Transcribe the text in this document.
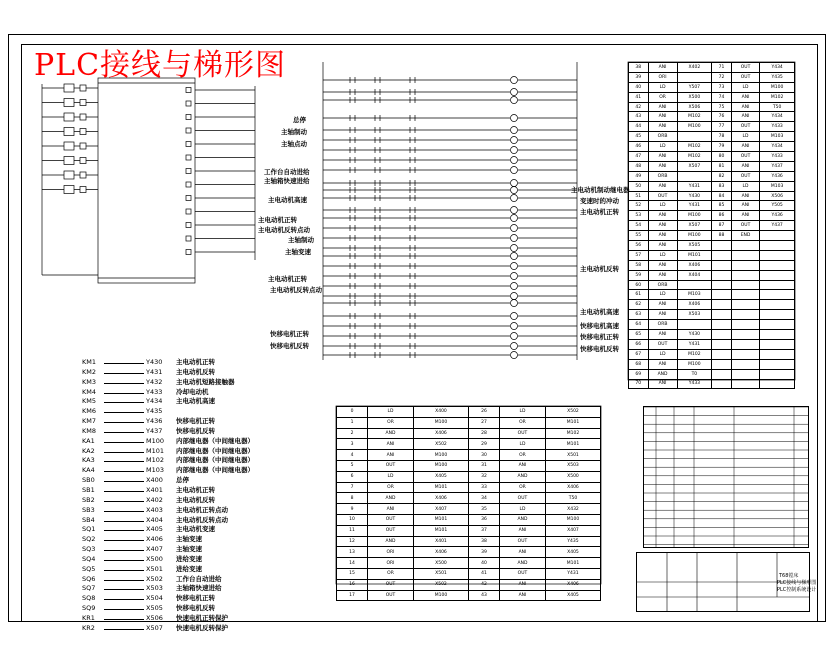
PLC接线与梯形图
总停
主轴制动
主轴点动
工作台自动进给
主轴箱快速进给
主电动机高速
主电动机正转
主电动机反转点动
主轴制动
主轴变速
主电动机正转
主电动机反转点动
快移电机正转
快移电机反转
主电动机制动继电器
变速时的冲动
主电动机正转
主电动机反转
主电动机高速
快移电机高速
快移电机正转
快移电机反转
KM1	Y430 主电动机正转
KM2	Y431 主电动机反转
KM3	Y432 主电动机短路接触器
KM4	Y433 冷却电动机
KM5	Y434 主电动机高速
KM6	Y435
KM7	Y436 快移电机正转
KM8	Y437 快移电机反转
KA1	M100 内部继电器（中间继电器）
KA2	M101 内部继电器（中间继电器）
KA3	M102 内部继电器（中间继电器）
KA4	M103 内部继电器（中间继电器）
SB0	X400 总停
SB1	X401 主电动机正转
SB2	X402 主电动机反转
SB3	X403 主电动机正转点动
SB4	X404 主电动机反转点动
SQ1	X405 主电动机变速
SQ2	X406 主轴变速
SQ3	X407 主轴变速
SQ4	X500 进给变速
SQ5	X501 进给变速
SQ6	X502 工作台自动进给
SQ7	X503 主轴箱快速进给
SQ8	X504 快移电机正转
SQ9	X505 快移电机反转
KR1	X506 快速电机正转保护
KR2	X507 快速电机反转保护
0	LD	X400	26	LD	X502
1	OR	M100	27	OR	M101
2	AND	X406	28	OUT	M102
3	ANI	X502	29	LD	M101
4	ANI	M100	30	OR	X501
5	OUT	M100	31	ANI	X503
6	LD	X405	32	AND	X500
7	OR	M101	33	OR	X406
8	AND	X406	34	OUT	T50
9	ANI	X407	35	LD	X432
10	OUT	M101	36	AND	M100
11	OUT	M101	37	ANI	X407
12	AND	X401	38	OUT	Y435
13	ORI	X406	39	ANI	X405
14	ORI	X500	40	AND	M101
15	OR	X501	41	OUT	Y431
16	OUT	X502	42	ANI	X406
17	OUT	M100	43	ANI	X405
38	ANI	X402	71	OUT	Y434
39	ORI		72	OUT	Y435
40	LD	Y507	73	LD	M100
41	OR	X500	74	ANI	M102
42	ANI	X506	75	ANI	T50
43	ANI	M102	76	ANI	Y434
44	ANI	M100	77	OUT	Y433
45	ORB		78	LD	M103
46	LD	M102	79	ANI	Y434
47	ANI	M102	80	OUT	Y433
48	ANI	X507	81	ANI	Y437
49	ORB		82	OUT	Y436
50	ANI	Y431	83	LD	M103
51	OUT	Y430	84	ANI	X506
52	LD	Y431	85	ANI	Y505
53	ANI	M100	86	ANI	Y436
54	ANI	X507	87	OUT	Y437
55	ANI	M100	88	END	
56	ANI	X505			
57	LD	M101			
58	ANI	X406			
59	ANI	X404			
60	ORB				
61	LD	M103			
62	ANI	X406			
63	ANI	X503			
64	ORB				
65	ANI	Y430			
66	OUT	Y431			
67	LD	M102			
68	ANI	M100			
69	AND	T0			
70	ANI	Y433			
T68镗床
PLC接线与梯形图
PLC控制系统设计
